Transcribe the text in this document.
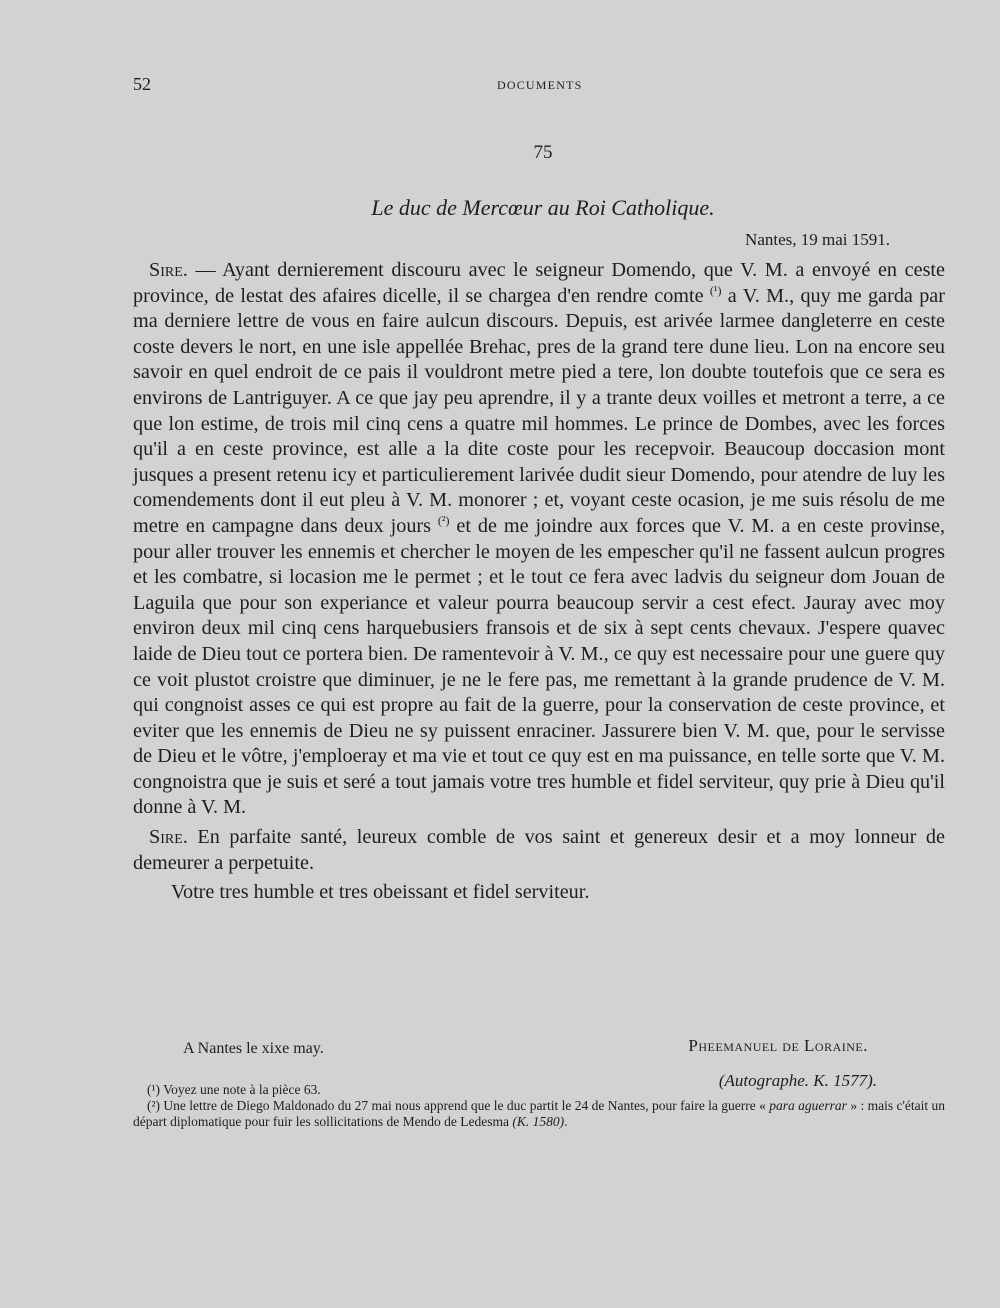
52	DOCUMENTS
75
Le duc de Mercœur au Roi Catholique.
Nantes, 19 mai 1591.

Sire. — Ayant dernierement discouru avec le seigneur Domendo, que V. M. a envoyé en ceste province, de lestat des afaires dicelle, il se chargea d'en rendre comte $^{(^1)}$ a V. M., quy me garda par ma derniere lettre de vous en faire aulcun discours. Depuis, est arivée larmee dangleterre en ceste coste devers le nort, en une isle appellée Brehac, pres de la grand tere dune lieu. Lon na encore seu savoir en quel endroit de ce pais il vouldront metre pied a tere, lon doubte toutefois que ce sera es environs de Lantriguyer. A ce que jay peu aprendre, il y a trante deux voilles et metront a terre, a ce que lon estime, de trois mil cinq cens a quatre mil hommes. Le prince de Dombes, avec les forces qu'il a en ceste province, est alle a la dite coste pour les recepvoir. Beaucoup doccasion mont jusques a present retenu icy et particulierement larivée dudit sieur Domendo, pour atendre de luy les comendements dont il eut pleu à V. M. monorer ; et, voyant ceste ocasion, je me suis résolu de me metre en campagne dans deux jours $^{(^2)}$ et de me joindre aux forces que V. M. a en ceste provinse, pour aller trouver les ennemis et chercher le moyen de les empescher qu'il ne fassent aulcun progres et les combatre, si locasion me le permet ; et le tout ce fera avec ladvis du seigneur dom Jouan de Laguila que pour son experiance et valeur pourra beaucoup servir a cest efect. Jauray avec moy environ deux mil cinq cens harquebusiers fransois et de six à sept cents chevaux. J'espere quavec laide de Dieu tout ce portera bien. De ramentevoir à V. M., ce quy est necessaire pour une guere quy ce voit plustot croistre que diminuer, je ne le fere pas, me remettant à la grande prudence de V. M. qui congnoist asses ce qui est propre au fait de la guerre, pour la conservation de ceste province, et eviter que les ennemis de Dieu ne sy puissent enraciner. Jassurere bien V. M. que, pour le servisse de Dieu et le vôtre, j'emploeray et ma vie et tout ce quy est en ma puissance, en telle sorte que V. M. congnoistra que je suis et seré a tout jamais votre tres humble et fidel serviteur, quy prie à Dieu qu'il donne à V. M.

Sire. En parfaite santé, leureux comble de vos saint et genereux desir et a moy lonneur de demeurer a perpetuite.

Votre tres humble et tres obeissant et fidel serviteur.

A Nantes le xixe may.	Pheemanuel de Loraine.
(Autographe. K. 1577).

(¹) Voyez une note à la pièce 63.

(²) Une lettre de Diego Maldonado du 27 mai nous apprend que le duc partit le 24 de Nantes, pour faire la guerre « para aguerrar » : mais c'était un départ diplomatique pour fuir les sollicitations de Mendo de Ledesma (K. 1580).
